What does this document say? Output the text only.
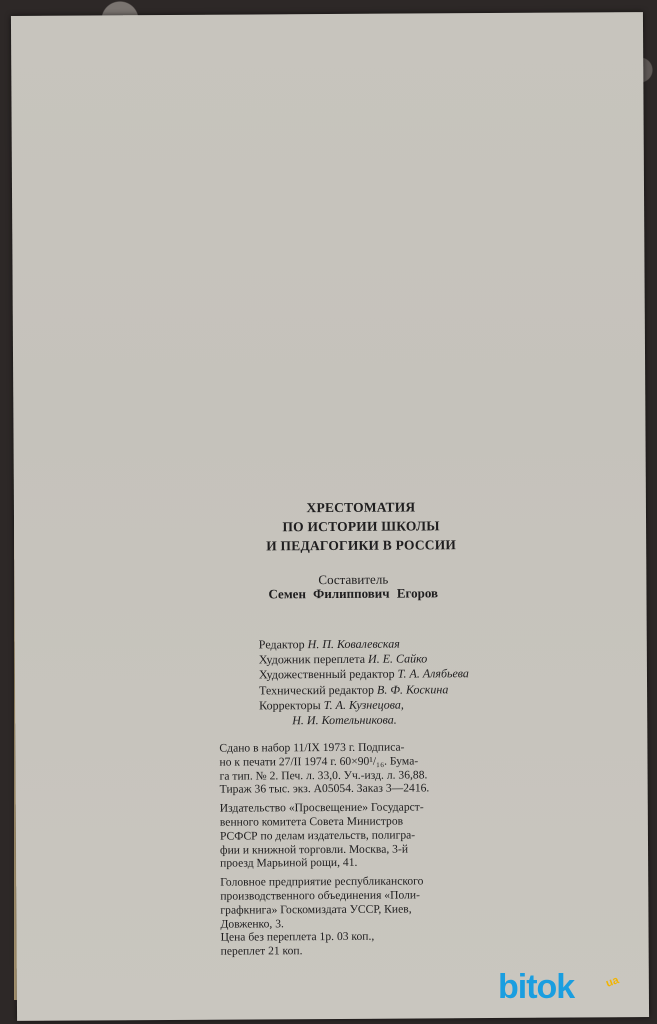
ХРЕСТОМАТИЯ
ПО ИСТОРИИ ШКОЛЫ
И ПЕДАГОГИКИ В РОССИИ
Составитель
Семен Филиппович Егоров
Редактор Н. П. Ковалевская
Художник переплета И. Е. Сайко
Художественный редактор Т. А. Алябьева
Технический редактор В. Ф. Коскина
Корректоры Т. А. Кузнецова,
Н. И. Котельникова.

Сдано в набор 11/IX 1973 г. Подписа-
но к печати 27/II 1974 г. 60×90¹/₁₆. Бума-
га тип. № 2. Печ. л. 33,0. Уч.-изд. л. 36,88.
Тираж 36 тыс. экз. А05054. Заказ 3—2416.

Издательство «Просвещение» Государст-
венного комитета Совета Министров
РСФСР по делам издательств, полигра-
фии и книжной торговли. Москва, 3-й
проезд Марьиной рощи, 41.

Головное предприятие республиканского
производственного объединения «Поли-
графкнига» Госкомиздата УССР, Киев,
Довженко, 3.

Цена без переплета 1р. 03 коп.,
переплет 21 коп.

bitok	ua
